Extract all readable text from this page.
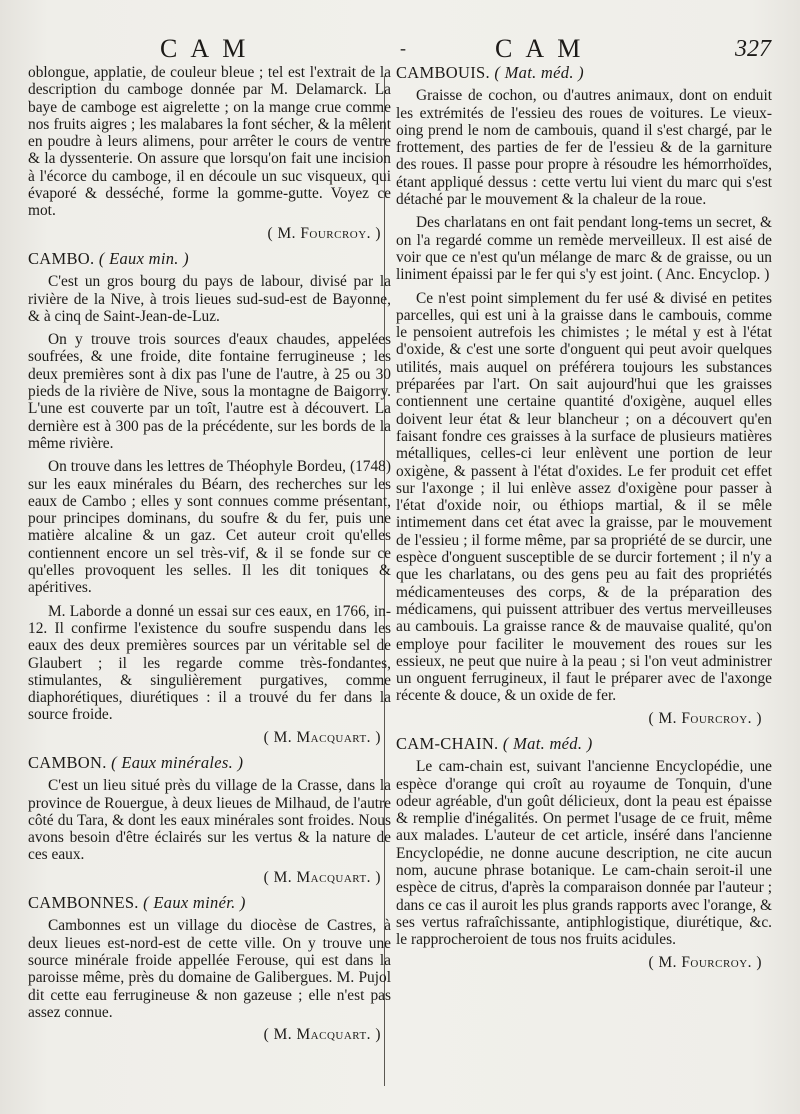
C A M	-	C A M	327

oblongue, applatie, de couleur bleue ; tel est l'extrait de la description du camboge donnée par M. Delamarck. La baye de camboge est aigrelette ; on la mange crue comme nos fruits aigres ; les malabares la font sécher, & la mêlent en poudre à leurs alimens, pour arrêter le cours de ventre & la dyssenterie. On assure que lorsqu'on fait une incision à l'écorce du camboge, il en découle un suc visqueux, qui évaporé & desséché, forme la gomme-gutte. Voyez ce mot.

( M. Fourcroy. )

CAMBO. ( Eaux min. )

C'est un gros bourg du pays de labour, divisé par la rivière de la Nive, à trois lieues sud-sud-est de Bayonne, & à cinq de Saint-Jean-de-Luz.

On y trouve trois sources d'eaux chaudes, appelées soufrées, & une froide, dite fontaine ferrugineuse ; les deux premières sont à dix pas l'une de l'autre, à 25 ou 30 pieds de la rivière de Nive, sous la montagne de Baigorry. L'une est couverte par un toît, l'autre est à découvert. La dernière est à 300 pas de la précédente, sur les bords de la même rivière.

On trouve dans les lettres de Théophyle Bordeu, (1748) sur les eaux minérales du Béarn, des recherches sur les eaux de Cambo ; elles y sont connues comme présentant, pour principes dominans, du soufre & du fer, puis une matière alcaline & un gaz. Cet auteur croit qu'elles contiennent encore un sel très-vif, & il se fonde sur ce qu'elles provoquent les selles. Il les dit toniques & apéritives.

M. Laborde a donné un essai sur ces eaux, en 1766, in-12. Il confirme l'existence du soufre suspendu dans les eaux des deux premières sources par un véritable sel de Glaubert ; il les regarde comme très-fondantes, stimulantes, & singulièrement purgatives, comme diaphorétiques, diurétiques : il a trouvé du fer dans la source froide.

( M. Macquart. )

CAMBON. ( Eaux minérales. )

C'est un lieu situé près du village de la Crasse, dans la province de Rouergue, à deux lieues de Milhaud, de l'autre côté du Tara, & dont les eaux minérales sont froides. Nous avons besoin d'être éclairés sur les vertus & la nature de ces eaux.

( M. Macquart. )

CAMBONNES. ( Eaux minér. )

Cambonnes est un village du diocèse de Castres, à deux lieues est-nord-est de cette ville. On y trouve une source minérale froide appellée Ferouse, qui est dans la paroisse même, près du domaine de Galibergues. M. Pujol dit cette eau ferrugineuse & non gazeuse ; elle n'est pas assez connue.

( M. Macquart. )

CAMBOUIS. ( Mat. méd. )

Graisse de cochon, ou d'autres animaux, dont on enduit les extrémités de l'essieu des roues de voitures. Le vieux-oing prend le nom de cambouis, quand il s'est chargé, par le frottement, des parties de fer de l'essieu & de la garniture des roues. Il passe pour propre à résoudre les hémorrhoïdes, étant appliqué dessus : cette vertu lui vient du marc qui s'est détaché par le mouvement & la chaleur de la roue.

Des charlatans en ont fait pendant long-tems un secret, & on l'a regardé comme un remède merveilleux. Il est aisé de voir que ce n'est qu'un mélange de marc & de graisse, ou un liniment épaissi par le fer qui s'y est joint. ( Anc. Encyclop. )

Ce n'est point simplement du fer usé & divisé en petites parcelles, qui est uni à la graisse dans le cambouis, comme le pensoient autrefois les chimistes ; le métal y est à l'état d'oxide, & c'est une sorte d'onguent qui peut avoir quelques utilités, mais auquel on préférera toujours les substances préparées par l'art. On sait aujourd'hui que les graisses contiennent une certaine quantité d'oxigène, auquel elles doivent leur état & leur blancheur ; on a découvert qu'en faisant fondre ces graisses à la surface de plusieurs matières métalliques, celles-ci leur enlèvent une portion de leur oxigène, & passent à l'état d'oxides. Le fer produit cet effet sur l'axonge ; il lui enlève assez d'oxigène pour passer à l'état d'oxide noir, ou éthiops martial, & il se mêle intimement dans cet état avec la graisse, par le mouvement de l'essieu ; il forme même, par sa propriété de se durcir, une espèce d'onguent susceptible de se durcir fortement ; il n'y a que les charlatans, ou des gens peu au fait des propriétés médicamenteuses des corps, & de la préparation des médicamens, qui puissent attribuer des vertus merveilleuses au cambouis. La graisse rance & de mauvaise qualité, qu'on employe pour faciliter le mouvement des roues sur les essieux, ne peut que nuire à la peau ; si l'on veut administrer un onguent ferrugineux, il faut le préparer avec de l'axonge récente & douce, & un oxide de fer.

( M. Fourcroy. )

CAM-CHAIN. ( Mat. méd. )

Le cam-chain est, suivant l'ancienne Encyclopédie, une espèce d'orange qui croît au royaume de Tonquin, d'une odeur agréable, d'un goût délicieux, dont la peau est épaisse & remplie d'inégalités. On permet l'usage de ce fruit, même aux malades. L'auteur de cet article, inséré dans l'ancienne Encyclopédie, ne donne aucune description, ne cite aucun nom, aucune phrase botanique. Le cam-chain seroit-il une espèce de citrus, d'après la comparaison donnée par l'auteur ; dans ce cas il auroit les plus grands rapports avec l'orange, & ses vertus rafraîchissante, antiphlogistique, diurétique, &c. le rapprocheroient de tous nos fruits acidules.

( M. Fourcroy. )
